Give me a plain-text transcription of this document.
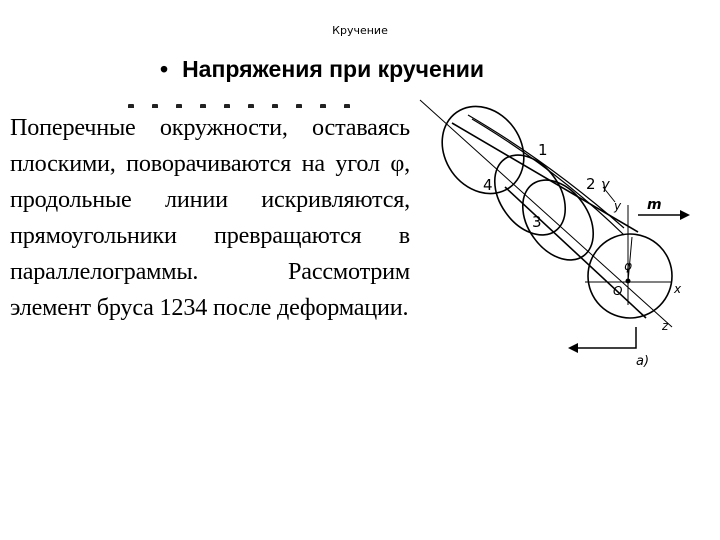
Кручение
• Напряжения при кручении
Поперечные окружности, оставаясь плоскими, поворачиваются на угол φ, продольные линии искривляются, прямоугольники превращаются в параллелограммы. Рассмотрим элемент бруса 1234 после деформации.
1
2
3
4	γ
y m
φ
O	x
z
а)
